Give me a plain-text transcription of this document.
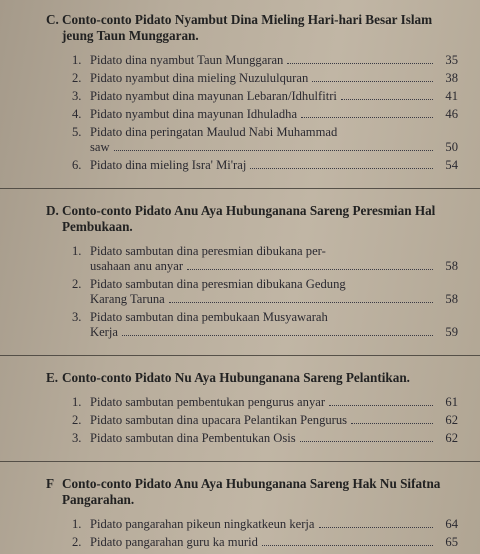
C. Conto-conto Pidato Nyambut Dina Mieling Hari-hari Besar Islam jeung Taun Munggaran.
1. Pidato dina nyambut Taun Munggaran	35
2. Pidato nyambut dina mieling Nuzululquran	38
3. Pidato nyambut dina mayunan Lebaran/Idhulfitri	41
4. Pidato nyambut dina mayunan Idhuladha	46
5. Pidato dina peringatan Maulud Nabi Muhammad
saw	50
6. Pidato dina mieling Isra' Mi'raj	54
D. Conto-conto Pidato Anu Aya Hubunganana Sareng Peresmian Hal Pembukaan.
1. Pidato sambutan dina peresmian dibukana per-
usahaan anu anyar	58
2. Pidato sambutan dina peresmian dibukana Gedung
Karang Taruna	58
3. Pidato sambutan dina pembukaan Musyawarah
Kerja	59
E. Conto-conto Pidato Nu Aya Hubunganana Sareng Pelantikan.
1. Pidato sambutan pembentukan pengurus anyar	61
2. Pidato sambutan dina upacara Pelantikan Pengurus	62
3. Pidato sambutan dina Pembentukan Osis	62
F Conto-conto Pidato Anu Aya Hubunganana Sareng Hak Nu Sifatna Pangarahan.
1. Pidato pangarahan pikeun ningkatkeun kerja	64
2. Pidato pangarahan guru ka murid	65
